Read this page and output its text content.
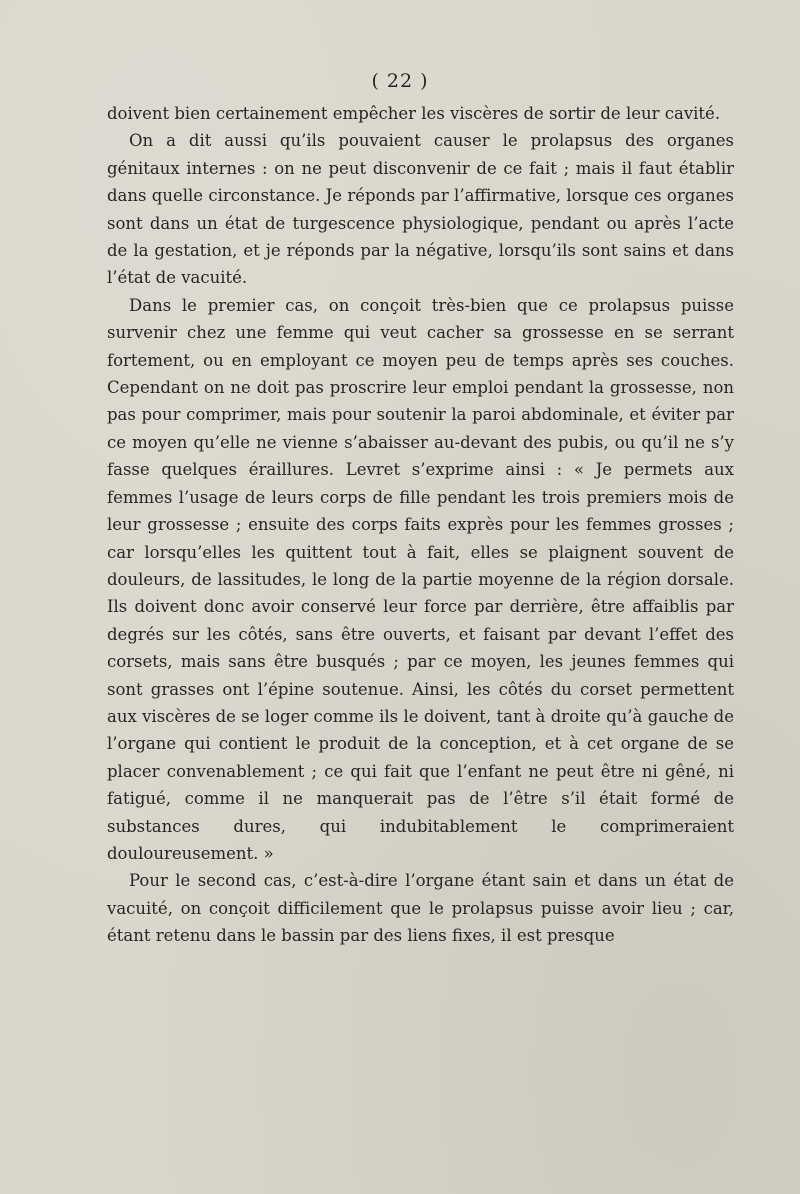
( 22 )

doivent bien certainement empêcher les viscères de sortir de leur cavité.

On a dit aussi qu’ils pouvaient causer le prolapsus des organes génitaux internes : on ne peut disconvenir de ce fait ; mais il faut établir dans quelle circonstance. Je réponds par l’affirmative, lorsque ces organes sont dans un état de turgescence physiologique, pendant ou après l’acte de la gestation, et je réponds par la négative, lorsqu’ils sont sains et dans l’état de vacuité.

Dans le premier cas, on conçoit très-bien que ce prolapsus puisse survenir chez une femme qui veut cacher sa grossesse en se serrant fortement, ou en employant ce moyen peu de temps après ses couches. Cependant on ne doit pas proscrire leur emploi pendant la grossesse, non pas pour comprimer, mais pour soutenir la paroi abdominale, et éviter par ce moyen qu’elle ne vienne s’abaisser au-devant des pubis, ou qu’il ne s’y fasse quelques éraillures. Levret s’exprime ainsi : « Je permets aux femmes l’usage de leurs corps de fille pendant les trois premiers mois de leur grossesse ; ensuite des corps faits exprès pour les femmes grosses ; car lorsqu’elles les quittent tout à fait, elles se plaignent souvent de douleurs, de lassitudes, le long de la partie moyenne de la région dorsale. Ils doivent donc avoir conservé leur force par derrière, être affaiblis par degrés sur les côtés, sans être ouverts, et faisant par devant l’effet des corsets, mais sans être busqués ; par ce moyen, les jeunes femmes qui sont grasses ont l’épine soutenue. Ainsi, les côtés du corset permettent aux viscères de se loger comme ils le doivent, tant à droite qu’à gauche de l’organe qui contient le produit de la conception, et à cet organe de se placer convenablement ; ce qui fait que l’enfant ne peut être ni gêné, ni fatigué, comme il ne manquerait pas de l’être s’il était formé de substances dures, qui indubitablement le comprimeraient douloureusement. »

Pour le second cas, c’est-à-dire l’organe étant sain et dans un état de vacuité, on conçoit difficilement que le prolapsus puisse avoir lieu ; car, étant retenu dans le bassin par des liens fixes, il est presque
